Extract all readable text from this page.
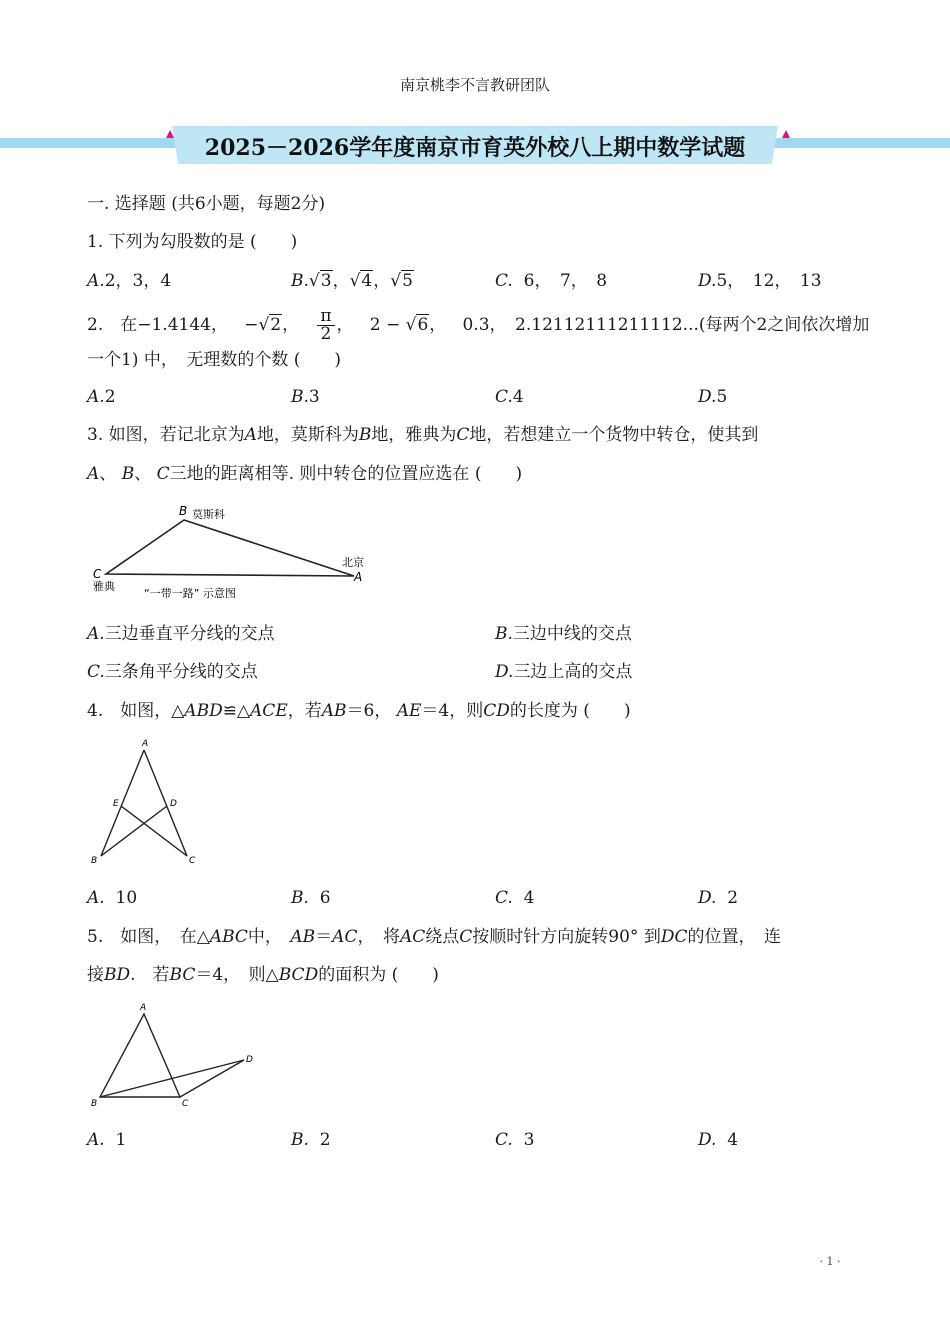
南京桃李不言教研团队
2025－2026学年度南京市育英外校八上期中数学试题
一. 选择题 (共6小题，每题2分)
1. 下列为勾股数的是 (　　)
A.2，3，4	B.√3，√4，√5	C. 6，　7，　8	D.5，　12，　13
2.　在−1.4144， −√2， $\frac{\pi}{2}$ ， 2 − √6， 0.3，　2.12112111211112...(每两个2之间依次增加
一个1) 中，　无理数的个数 (　　)
A.2	B.3	C.4	D.5
3. 如图，若记北京为A地，莫斯科为B地，雅典为C地，若想建立一个货物中转仓，使其到
A、 B、 C三地的距离相等. 则中转仓的位置应选在 (　　)
B 莫斯科
C
雅典
北京
A
“一带一路” 示意图
A.三边垂直平分线的交点	B.三边中线的交点
C.三条角平分线的交点	D.三边上高的交点
4.　如图，△ABD≌△ACE，若AB＝6， AE＝4，则CD的长度为 (　　)
A
E	D
B	C
A. 10	B. 6	C. 4	D. 2
5.　如图，　在△ABC中，　AB＝AC，　将AC绕点C按顺时针方向旋转90° 到DC的位置，　连
接BD.　若BC＝4，　则△BCD的面积为 (　　)
A
B	C
D
A. 1	B. 2	C. 3	D. 4
· 1 ·
